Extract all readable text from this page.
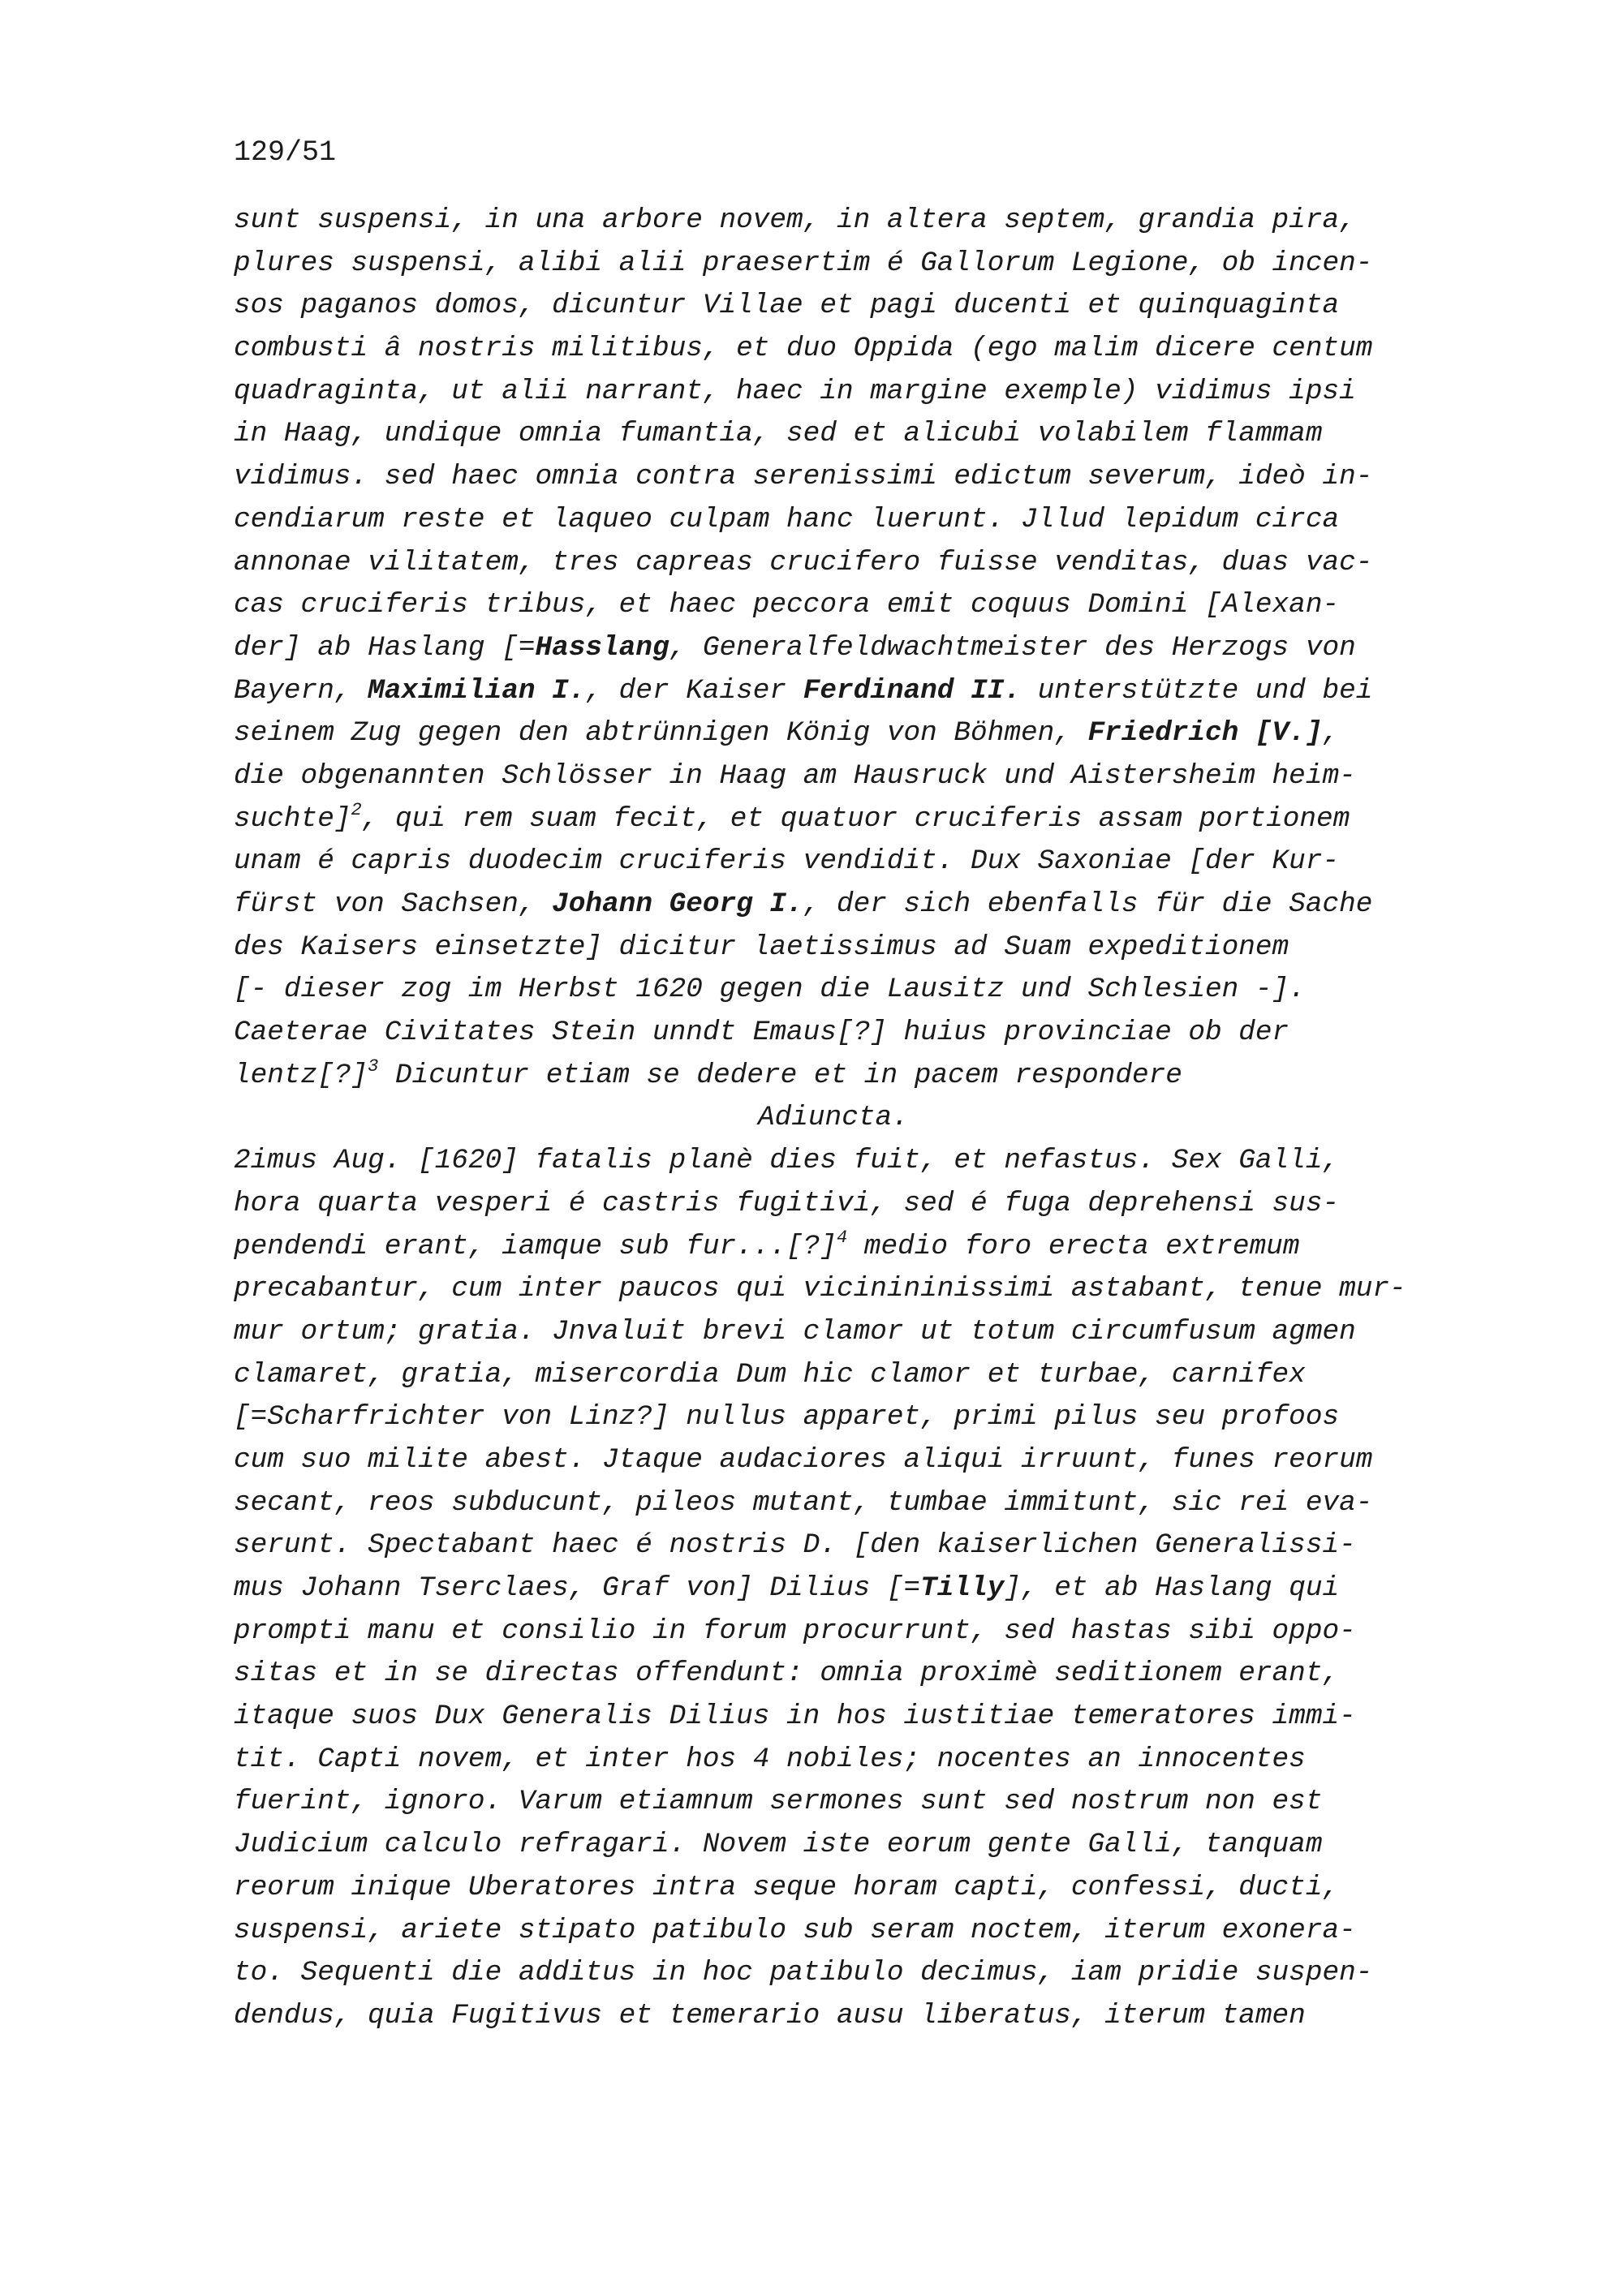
129/51
sunt suspensi, in una arbore novem, in altera septem, grandia pira,
plures suspensi, alibi alii praesertim é Gallorum Legione, ob incen-
sos paganos domos, dicuntur Villae et pagi ducenti et quinquaginta
combusti â nostris militibus, et duo Oppida (ego malim dicere centum
quadraginta, ut alii narrant, haec in margine exemple) vidimus ipsi
in Haag, undique omnia fumantia, sed et alicubi volabilem flammam
vidimus. sed haec omnia contra serenissimi edictum severum, ideò in-
cendiarum reste et laqueo culpam hanc luerunt. Jllud lepidum circa
annonae vilitatem, tres capreas crucifero fuisse venditas, duas vac-
cas cruciferis tribus, et haec peccora emit coquus Domini [Alexan-
der] ab Haslang [=Hasslang, Generalfeldwachtmeister des Herzogs von
Bayern, Maximilian I., der Kaiser Ferdinand II. unterstützte und bei
seinem Zug gegen den abtrünnigen König von Böhmen, Friedrich [V.],
die obgenannten Schlösser in Haag am Hausruck und Aistersheim heim-
suchte]$^2$, qui rem suam fecit, et quatuor cruciferis assam portionem
unam é capris duodecim cruciferis vendidit. Dux Saxoniae [der Kur-
fürst von Sachsen, Johann Georg I., der sich ebenfalls für die Sache
des Kaisers einsetzte] dicitur laetissimus ad Suam expeditionem
[- dieser zog im Herbst 1620 gegen die Lausitz und Schlesien -].
Caeterae Civitates Stein unndt Emaus[?] huius provinciae ob der
lentz[?]$^3$ Dicuntur etiam se dedere et in pacem respondere
Adiuncta.
2imus Aug. [1620] fatalis planè dies fuit, et nefastus. Sex Galli,
hora quarta vesperi é castris fugitivi, sed é fuga deprehensi sus-
pendendi erant, iamque sub fur...[?]$^4$ medio foro erecta extremum
precabantur, cum inter paucos qui vicinininissimi astabant, tenue mur-
mur ortum; gratia. Jnvaluit brevi clamor ut totum circumfusum agmen
clamaret, gratia, misercordia Dum hic clamor et turbae, carnifex
[=Scharfrichter von Linz?] nullus apparet, primi pilus seu profoos
cum suo milite abest. Jtaque audaciores aliqui irruunt, funes reorum
secant, reos subducunt, pileos mutant, tumbae immitunt, sic rei eva-
serunt. Spectabant haec é nostris D. [den kaiserlichen Generalissi-
mus Johann Tserclaes, Graf von] Dilius [=Tilly], et ab Haslang qui
prompti manu et consilio in forum procurrunt, sed hastas sibi oppo-
sitas et in se directas offendunt: omnia proximè seditionem erant,
itaque suos Dux Generalis Dilius in hos iustitiae temeratores immi-
tit. Capti novem, et inter hos 4 nobiles; nocentes an innocentes
fuerint, ignoro. Varum etiamnum sermones sunt sed nostrum non est
Judicium calculo refragari. Novem iste eorum gente Galli, tanquam
reorum inique Uberatores intra seque horam capti, confessi, ducti,
suspensi, ariete stipato patibulo sub seram noctem, iterum exonera-
to. Sequenti die additus in hoc patibulo decimus, iam pridie suspen-
dendus, quia Fugitivus et temerario ausu liberatus, iterum tamen
